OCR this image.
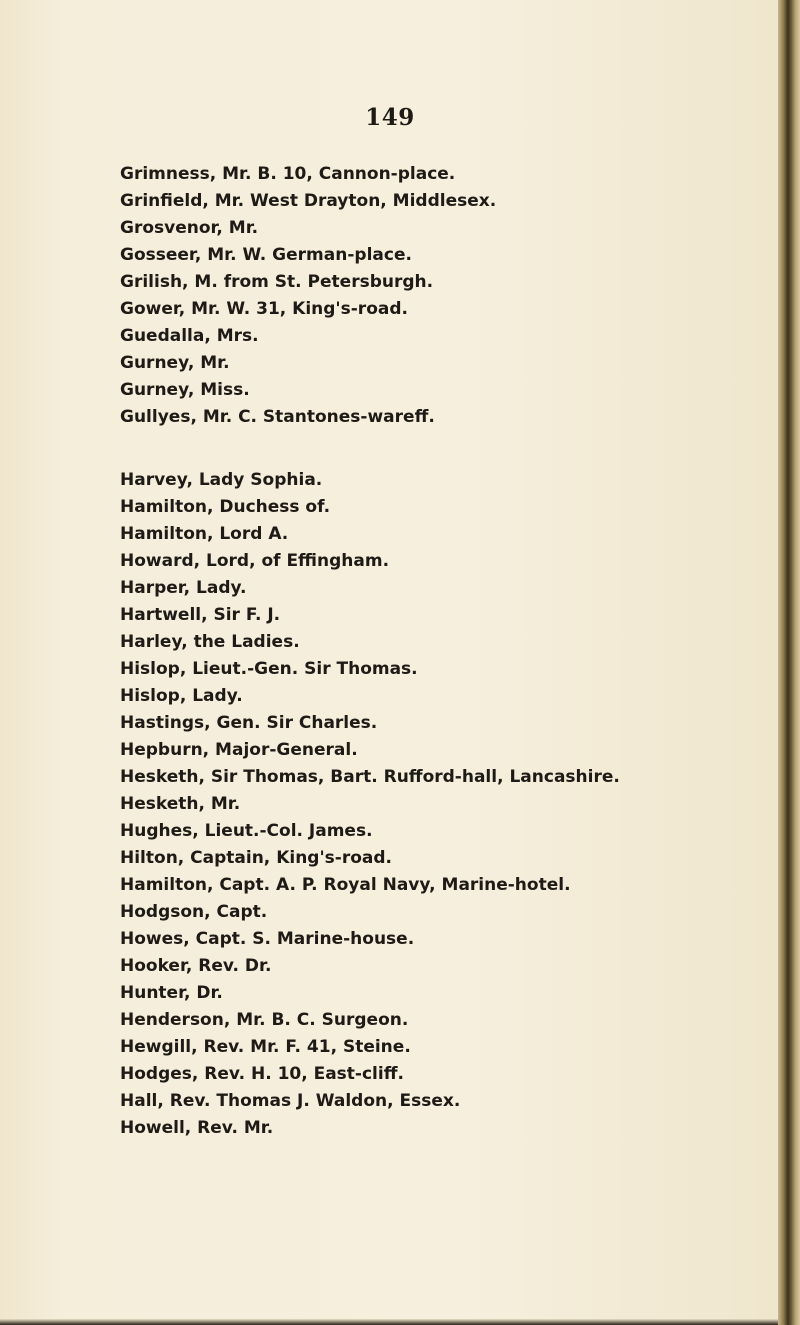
149
Grimness, Mr. B. 10, Cannon-place.
Grinfield, Mr. West Drayton, Middlesex.
Grosvenor, Mr.
Gosseer, Mr. W. German-place.
Grilish, M. from St. Petersburgh.
Gower, Mr. W. 31, King's-road.
Guedalla, Mrs.
Gurney, Mr.
Gurney, Miss.
Gullyes, Mr. C. Stantones-wareff.
Harvey, Lady Sophia.
Hamilton, Duchess of.
Hamilton, Lord A.
Howard, Lord, of Effingham.
Harper, Lady.
Hartwell, Sir F. J.
Harley, the Ladies.
Hislop, Lieut.-Gen. Sir Thomas.
Hislop, Lady.
Hastings, Gen. Sir Charles.
Hepburn, Major-General.
Hesketh, Sir Thomas, Bart. Rufford-hall, Lancashire.
Hesketh, Mr.
Hughes, Lieut.-Col. James.
Hilton, Captain, King's-road.
Hamilton, Capt. A. P. Royal Navy, Marine-hotel.
Hodgson, Capt.
Howes, Capt. S. Marine-house.
Hooker, Rev. Dr.
Hunter, Dr.
Henderson, Mr. B. C. Surgeon.
Hewgill, Rev. Mr. F. 41, Steine.
Hodges, Rev. H. 10, East-cliff.
Hall, Rev. Thomas J. Waldon, Essex.
Howell, Rev. Mr.
